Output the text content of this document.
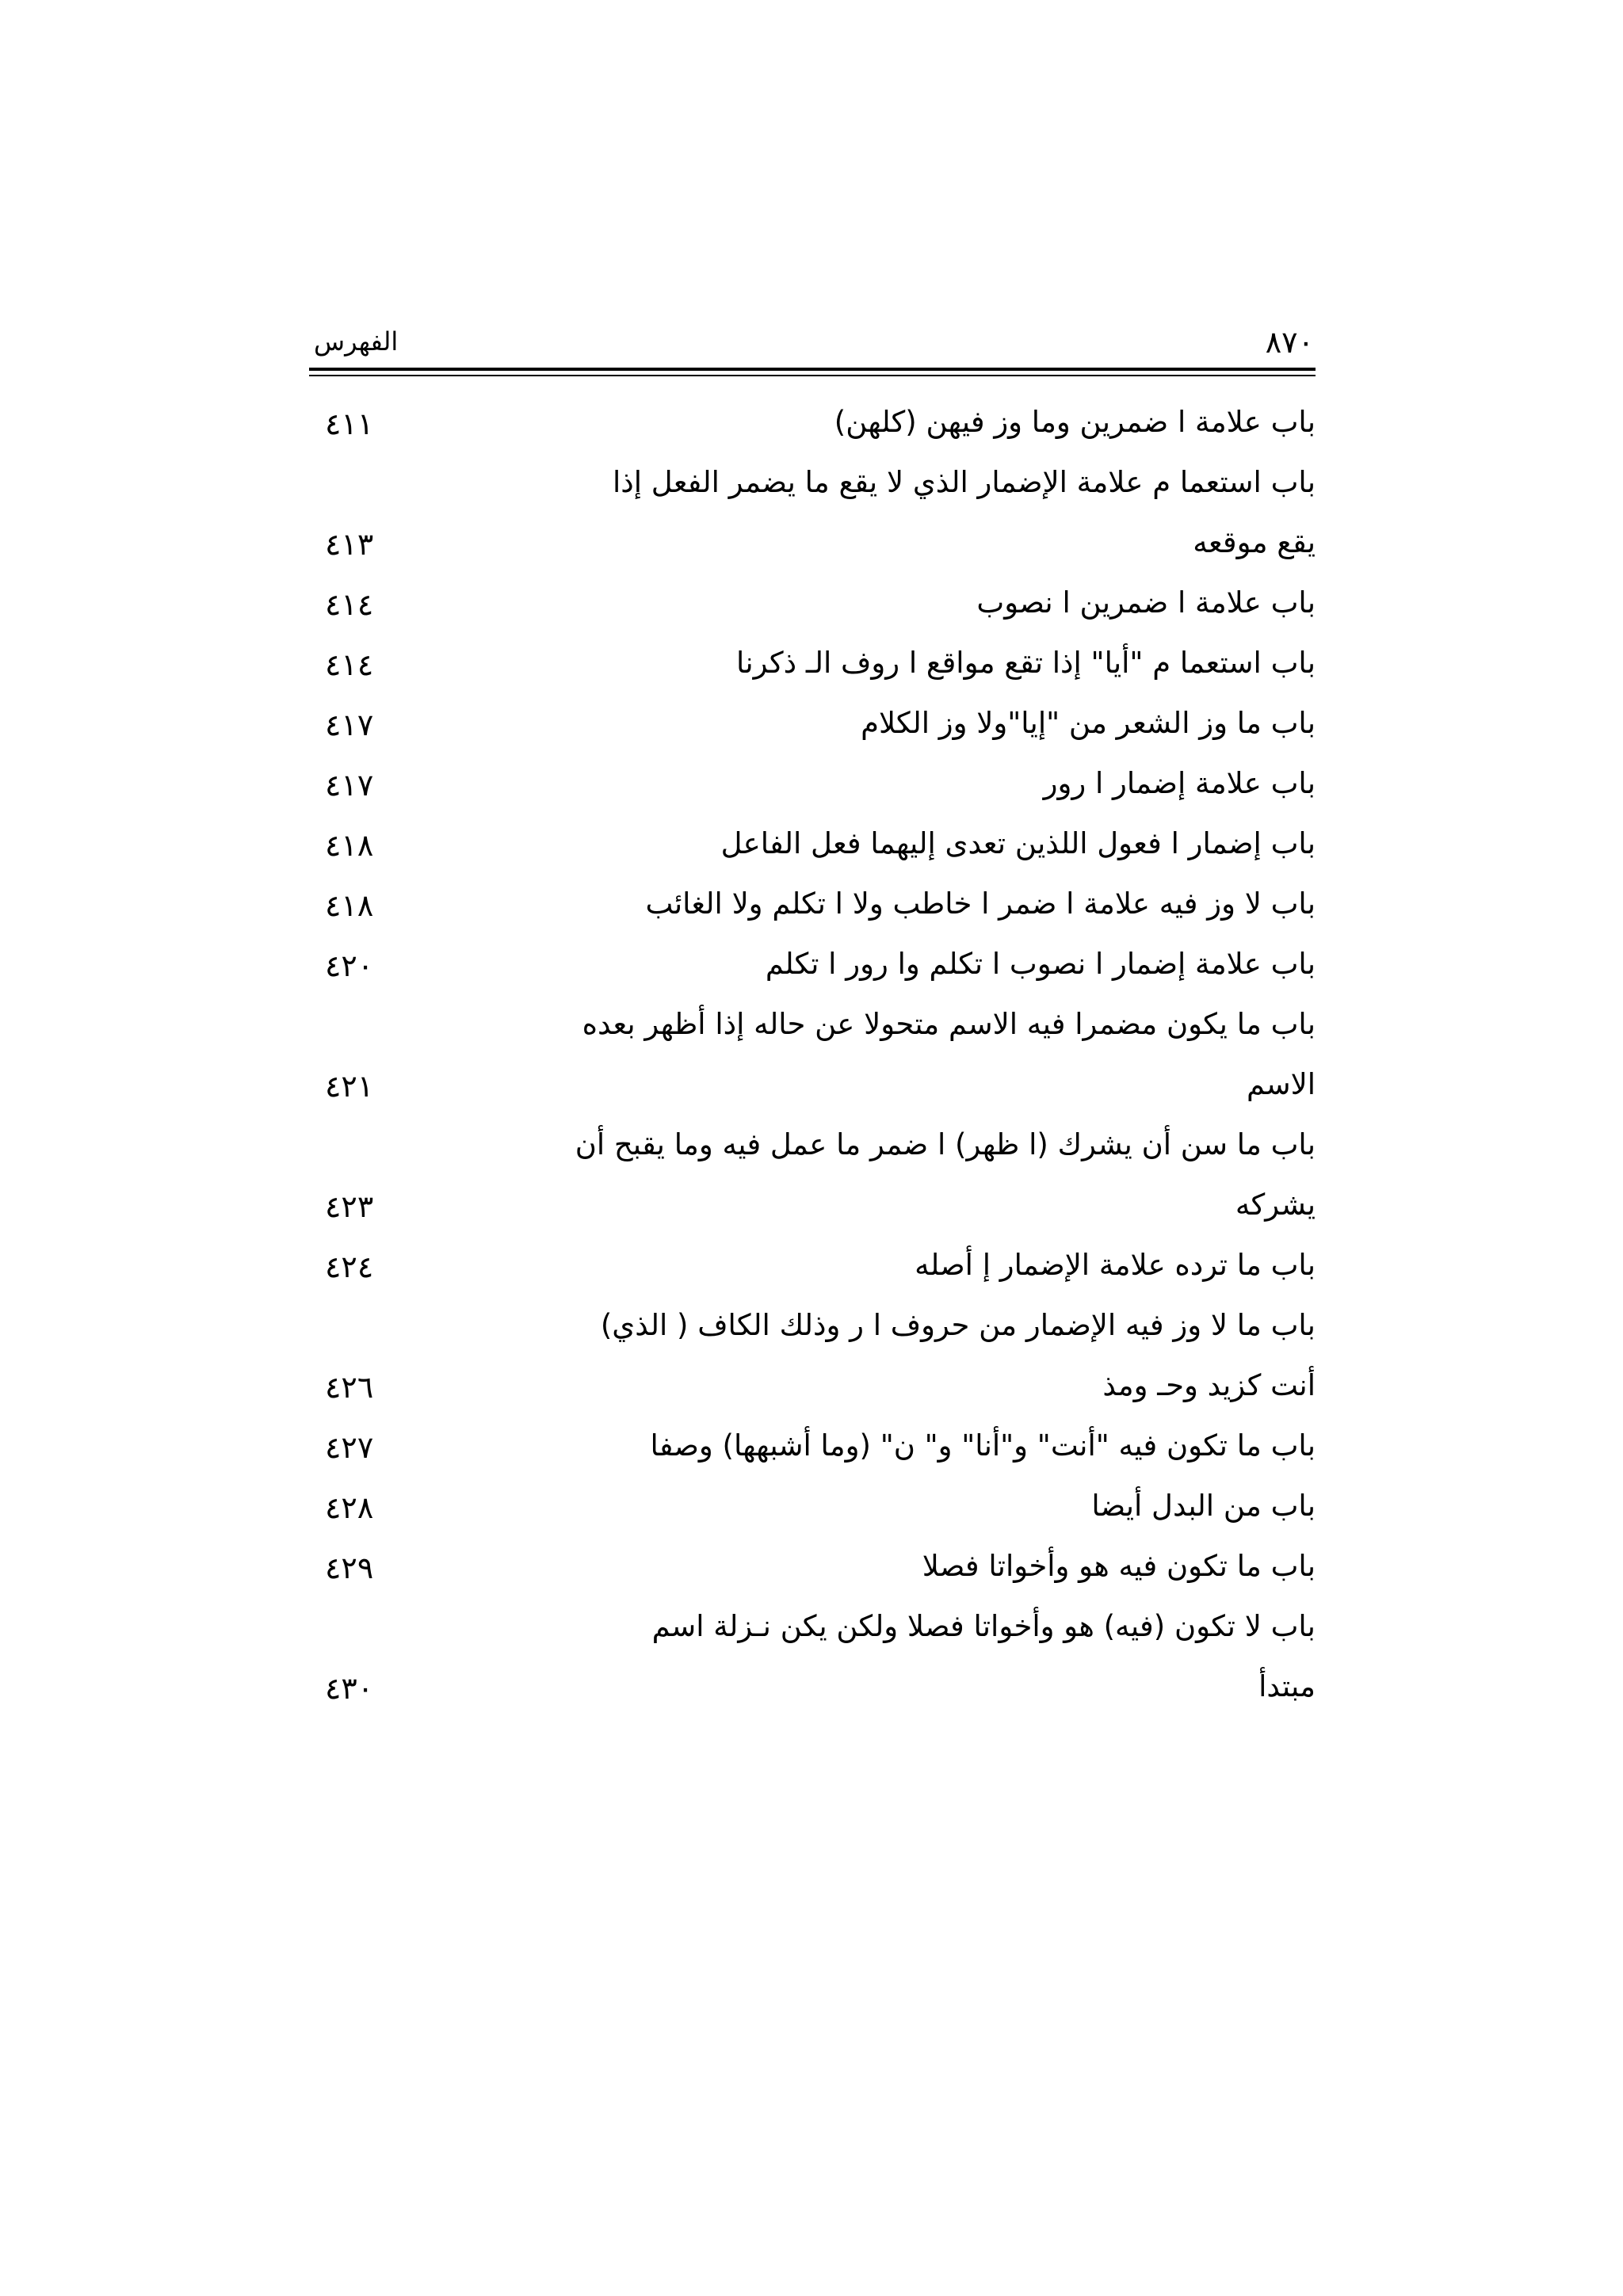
الفهرس	٨٧٠
باب علامة ا ضمرين وما وز فيهن (كلهن)
٤١١
باب استعما م علامة الإضمار الذي لا يقع ما يضمر الفعل إذا
يقع موقعه
٤١٣
باب علامة ا ضمرين ا نصوب
٤١٤
باب استعما م "أيا" إذا تقع مواقع ا روف الـ ذكرنا
٤١٤
باب ما وز الشعر من "إيا"ولا وز الكلام
٤١٧
باب علامة إضمار ا رور
٤١٧
باب إضمار ا فعول اللذين تعدى إليهما فعل الفاعل
٤١٨
باب لا وز فيه علامة ا ضمر ا خاطب ولا ا تكلم ولا الغائب
٤١٨
باب علامة إضمار ا نصوب ا تكلم وا رور ا تكلم
٤٢٠
باب ما يكون مضمرا فيه الاسم متحولا عن حاله إذا أظهر بعده
الاسم
٤٢١
باب ما سن أن يشرك (ا ظهر) ا ضمر ما عمل فيه وما يقبح أن
يشركه
٤٢٣
باب ما ترده علامة الإضمار إ أصله
٤٢٤
باب ما لا وز فيه الإضمار من حروف ا ر وذلك الكاف ( الذي)
أنت كزيد وحـ ومذ
٤٢٦
باب ما تكون فيه "أنت" و"أنا" و" ن" (وما أشبهها) وصفا
٤٢٧
باب من البدل أيضا
٤٢٨
باب ما تكون فيه هو وأخواتا فصلا
٤٢٩
باب لا تكون (فيه) هو وأخواتا فصلا ولكن يكن نـزلة اسم
مبتدأ
٤٣٠
